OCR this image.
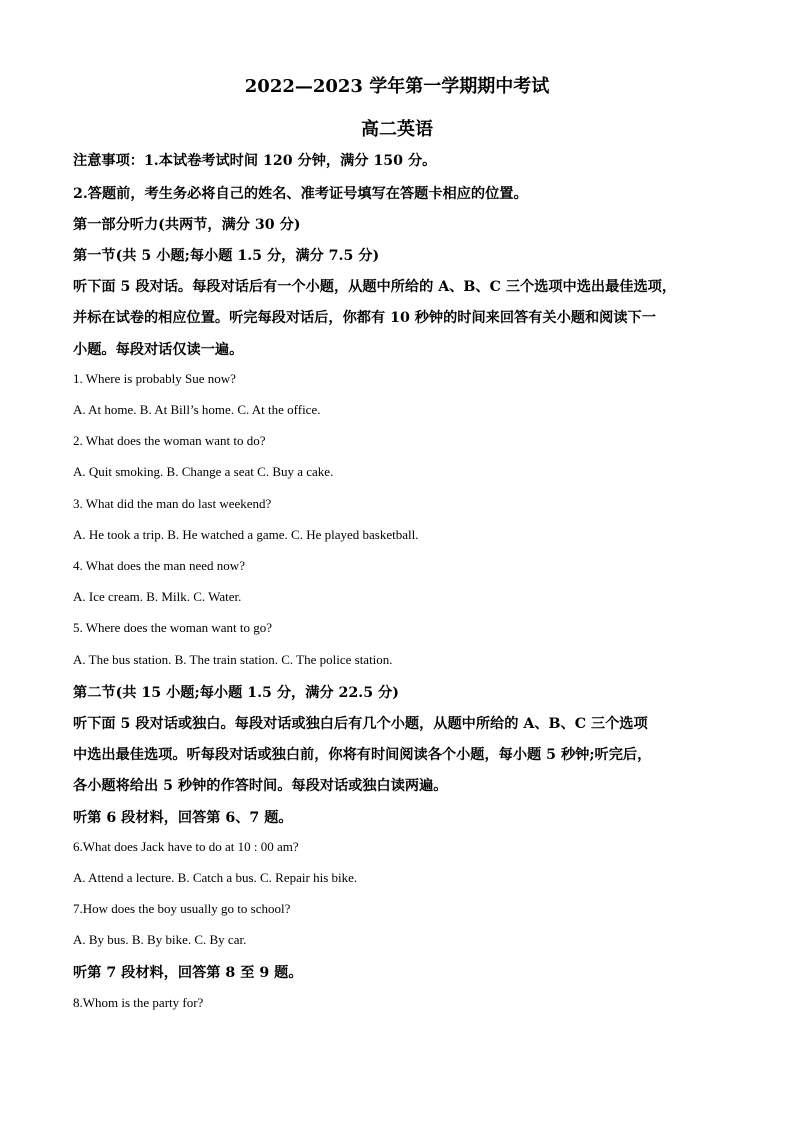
2022—2023 学年第一学期期中考试
高二英语
注意事项：1.本试卷考试时间 120 分钟，满分 150 分。
2.答题前，考生务必将自己的姓名、准考证号填写在答题卡相应的位置。
第一部分听力(共两节，满分 30 分)
第一节(共 5 小题;每小题 1.5 分，满分 7.5 分)
听下面 5 段对话。每段对话后有一个小题，从题中所给的 A、B、C 三个选项中选出最佳选项，
并标在试卷的相应位置。听完每段对话后，你都有 10 秒钟的时间来回答有关小题和阅读下一
小题。每段对话仅读一遍。
1. Where is probably Sue now?
A. At home. B. At Bill’s home. C. At the office.
2. What does the woman want to do?
A. Quit smoking. B. Change a seat C. Buy a cake.
3. What did the man do last weekend?
A. He took a trip. B. He watched a game. C. He played basketball.
4. What does the man need now?
A. Ice cream. B. Milk. C. Water.
5. Where does the woman want to go?
A. The bus station. B. The train station. C. The police station.
第二节(共 15 小题;每小题 1.5 分，满分 22.5 分)
听下面 5 段对话或独白。每段对话或独白后有几个小题，从题中所给的 A、B、C 三个选项
中选出最佳选项。听每段对话或独白前，你将有时间阅读各个小题，每小题 5 秒钟;听完后，
各小题将给出 5 秒钟的作答时间。每段对话或独白读两遍。
听第 6 段材料，回答第 6、7 题。
6.What does Jack have to do at 10 : 00 am?
A. Attend a lecture. B. Catch a bus. C. Repair his bike.
7.How does the boy usually go to school?
A. By bus. B. By bike. C. By car.
听第 7 段材料，回答第 8 至 9 题。
8.Whom is the party for?
